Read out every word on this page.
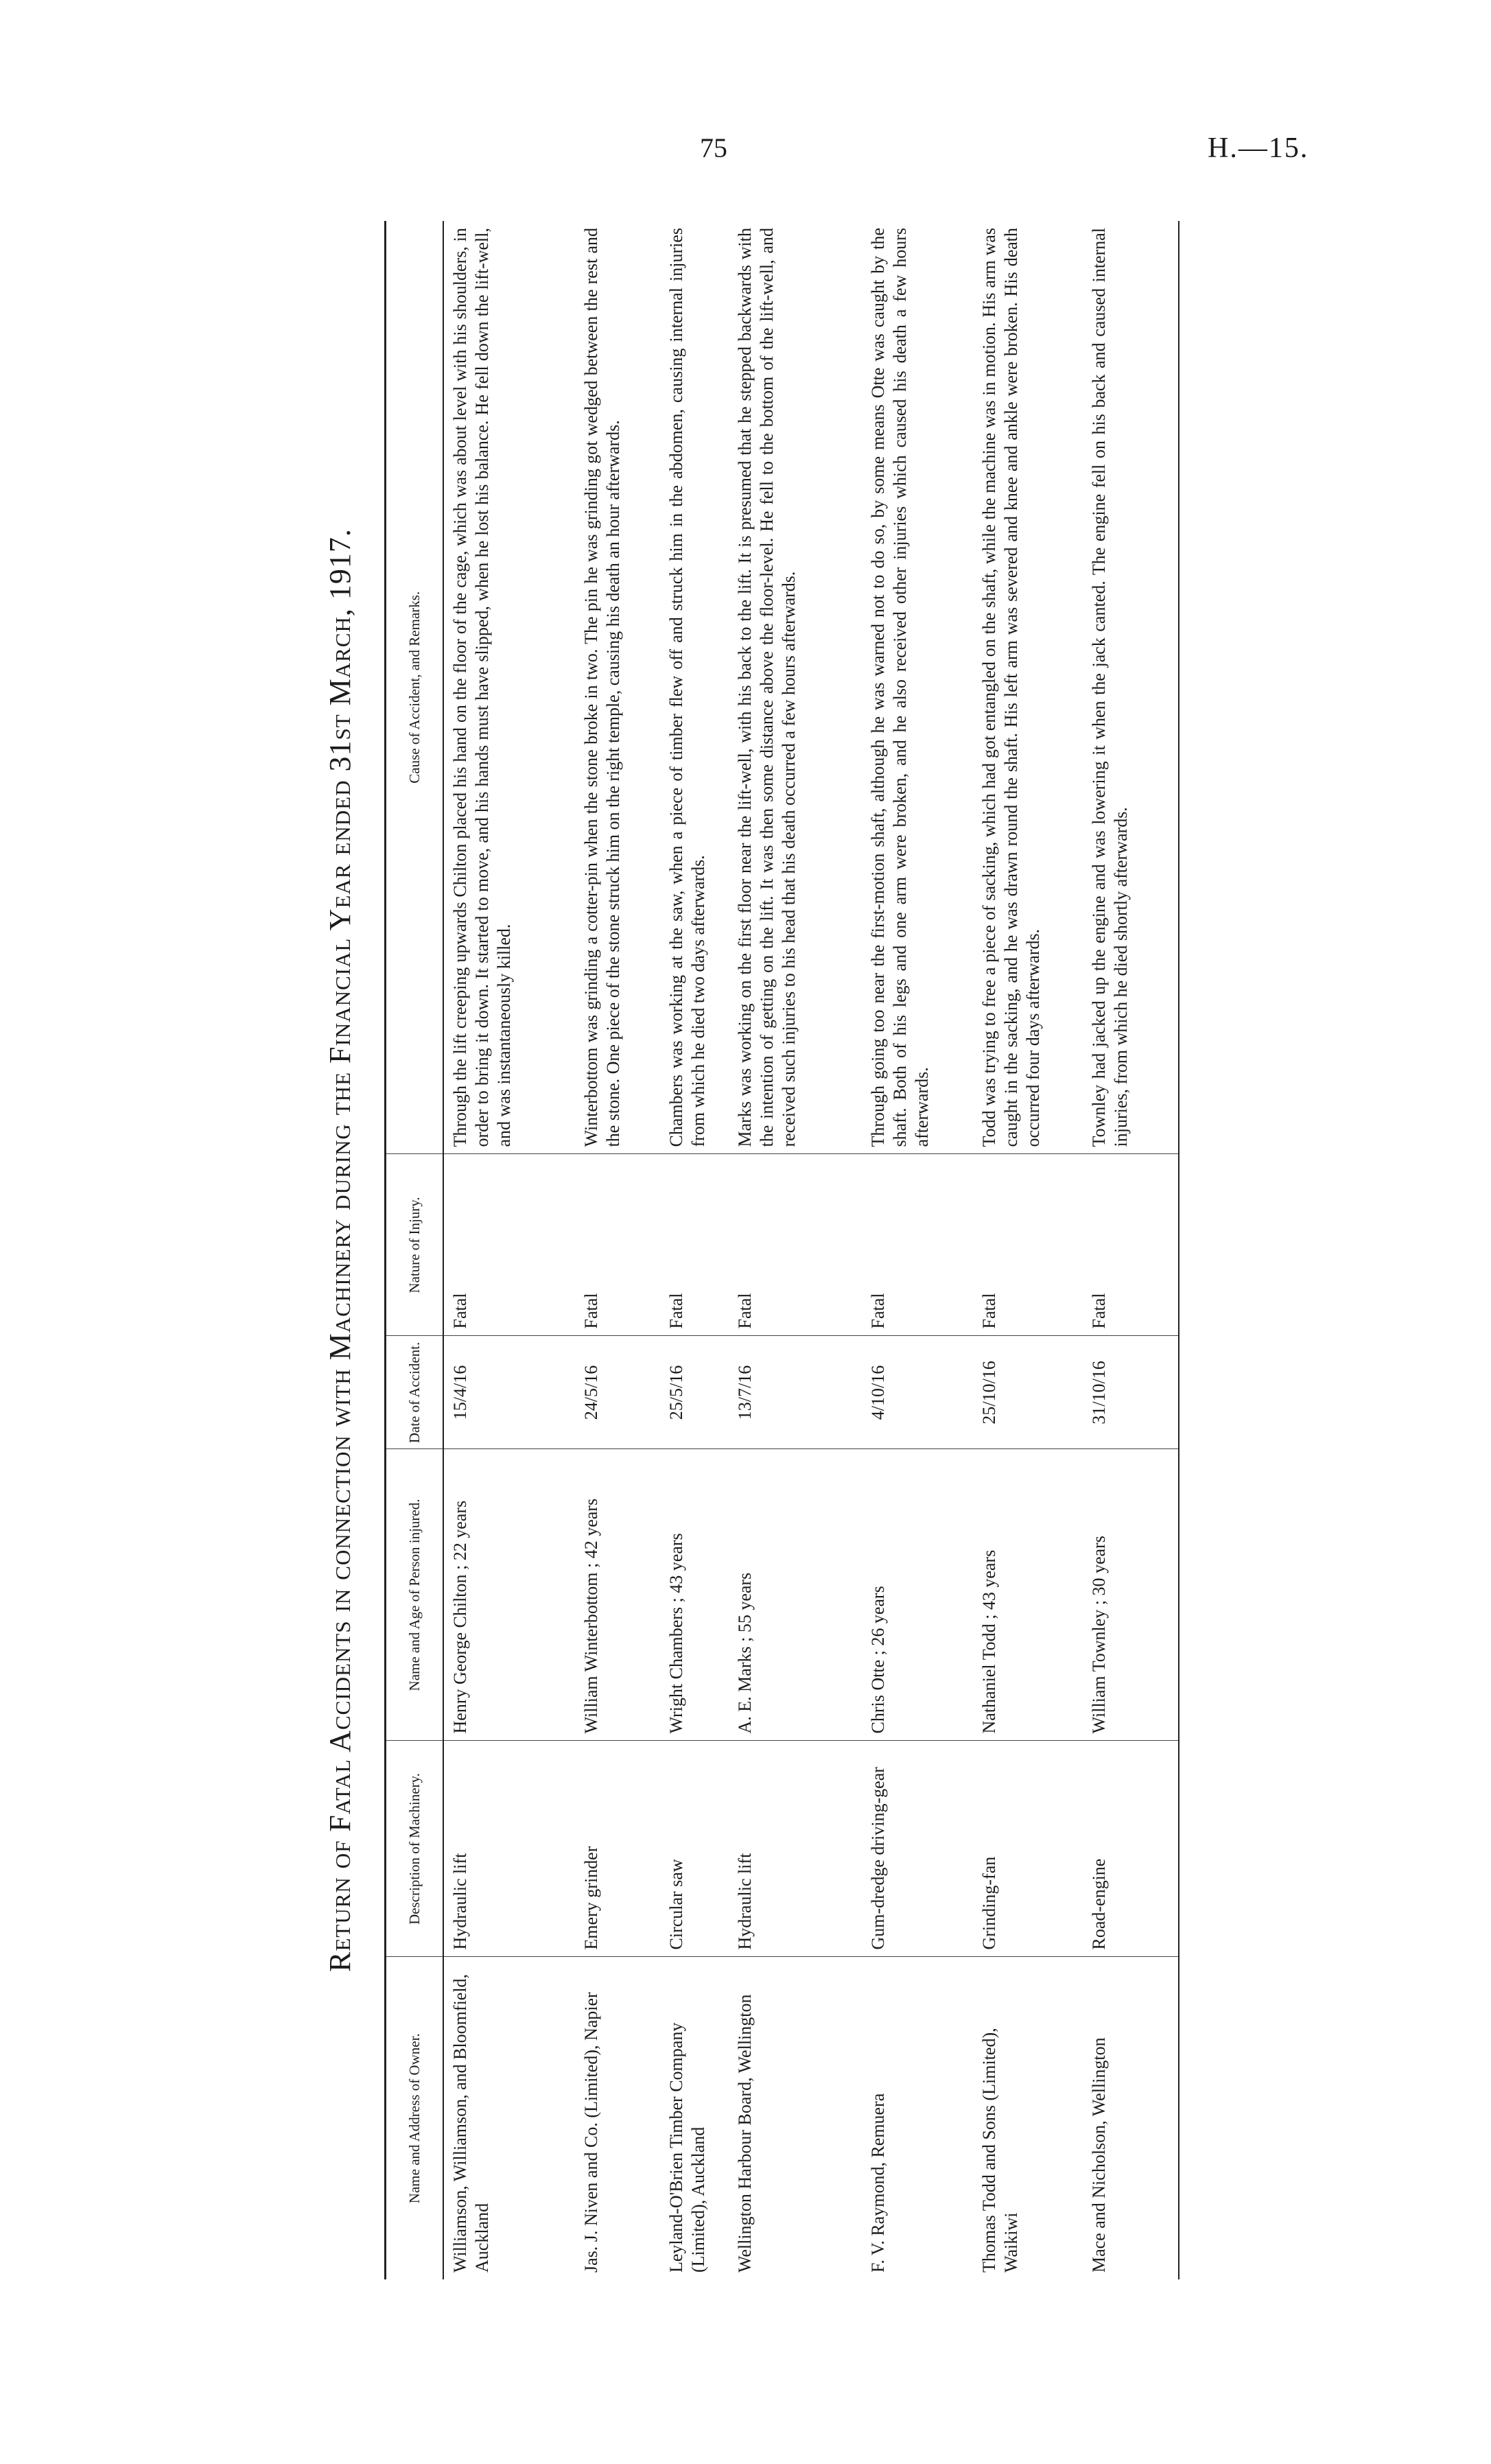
75	H.—15.
Return of Fatal Accidents in connection with Machinery during the Financial Year ended 31st March, 1917.
Name and Address of Owner.	Description of Machinery.	Name and Age of Person injured.	Date of Accident.	Nature of Injury.	Cause of Accident, and Remarks.
Williamson, Williamson, and Bloomfield, Auckland	Hydraulic lift	Henry George Chilton ; 22 years	15/4/16	Fatal	Through the lift creeping upwards Chilton placed his hand on the floor of the cage, which was about level with his shoulders, in order to bring it down. It started to move, and his hands must have slipped, when he lost his balance. He fell down the lift-well, and was instantaneously killed.
Jas. J. Niven and Co. (Limited), Napier	Emery grinder	William Winterbottom ; 42 years	24/5/16	Fatal	Winterbottom was grinding a cotter-pin when the stone broke in two. The pin he was grinding got wedged between the rest and the stone. One piece of the stone struck him on the right temple, causing his death an hour afterwards.
Leyland-O'Brien Timber Company (Limited), Auckland	Circular saw	Wright Chambers ; 43 years	25/5/16	Fatal	Chambers was working at the saw, when a piece of timber flew off and struck him in the abdomen, causing internal injuries from which he died two days afterwards.
Wellington Harbour Board, Wellington	Hydraulic lift	A. E. Marks ; 55 years	13/7/16	Fatal	Marks was working on the first floor near the lift-well, with his back to the lift. It is presumed that he stepped backwards with the intention of getting on the lift. It was then some distance above the floor-level. He fell to the bottom of the lift-well, and received such injuries to his head that his death occurred a few hours afterwards.
F. V. Raymond, Remuera	Gum-dredge driving-gear	Chris Otte ; 26 years	4/10/16	Fatal	Through going too near the first-motion shaft, although he was warned not to do so, by some means Otte was caught by the shaft. Both of his legs and one arm were broken, and he also received other injuries which caused his death a few hours afterwards.
Thomas Todd and Sons (Limited), Waikiwi	Grinding-fan	Nathaniel Todd ; 43 years	25/10/16	Fatal	Todd was trying to free a piece of sacking, which had got entangled on the shaft, while the machine was in motion. His arm was caught in the sacking, and he was drawn round the shaft. His left arm was severed and knee and ankle were broken. His death occurred four days afterwards.
Mace and Nicholson, Wellington	Road-engine	William Townley ; 30 years	31/10/16	Fatal	Townley had jacked up the engine and was lowering it when the jack canted. The engine fell on his back and caused internal injuries, from which he died shortly afterwards.
